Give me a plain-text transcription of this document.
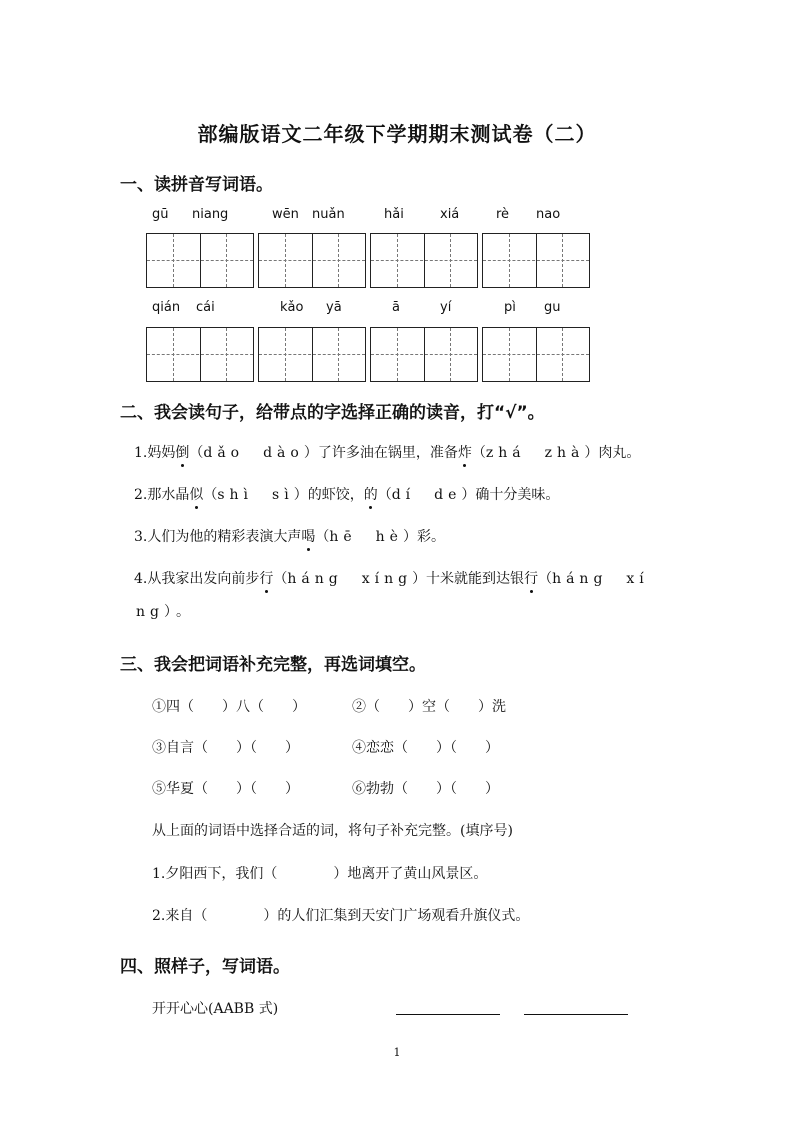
部编版语文二年级下学期期末测试卷（二）
一、读拼音写词语。
gū niang	wēn nuǎn	hǎi	xiá	rè nao
qián cái	kǎo yā	ā	yí	pì gu
二、我会读句子，给带点的字选择正确的读音，打“√”。
1.妈妈倒（dǎo　dào）了许多油在锅里，准备炸（zhá　zhà）肉丸。
2.那水晶似（shì　sì）的虾饺，的（dí　de）确十分美味。
3.人们为他的精彩表演大声喝（hē　hè）彩。
4.从我家出发向前步行（háng　xíng）十米就能到达银行（háng　xí
ng）。
三、我会把词语补充完整，再选词填空。
①四（　　）八（　　）	②（　　）空（　　）洗
③自言（　　）（　　）	④恋恋（　　）（　　）
⑤华夏（　　）（　　）	⑥勃勃（　　）（　　）
从上面的词语中选择合适的词，将句子补充完整。(填序号)
1.夕阳西下，我们（　　　　）地离开了黄山风景区。
2.来自（　　　　）的人们汇集到天安门广场观看升旗仪式。
四、照样子，写词语。
开开心心(AABB 式)
1
